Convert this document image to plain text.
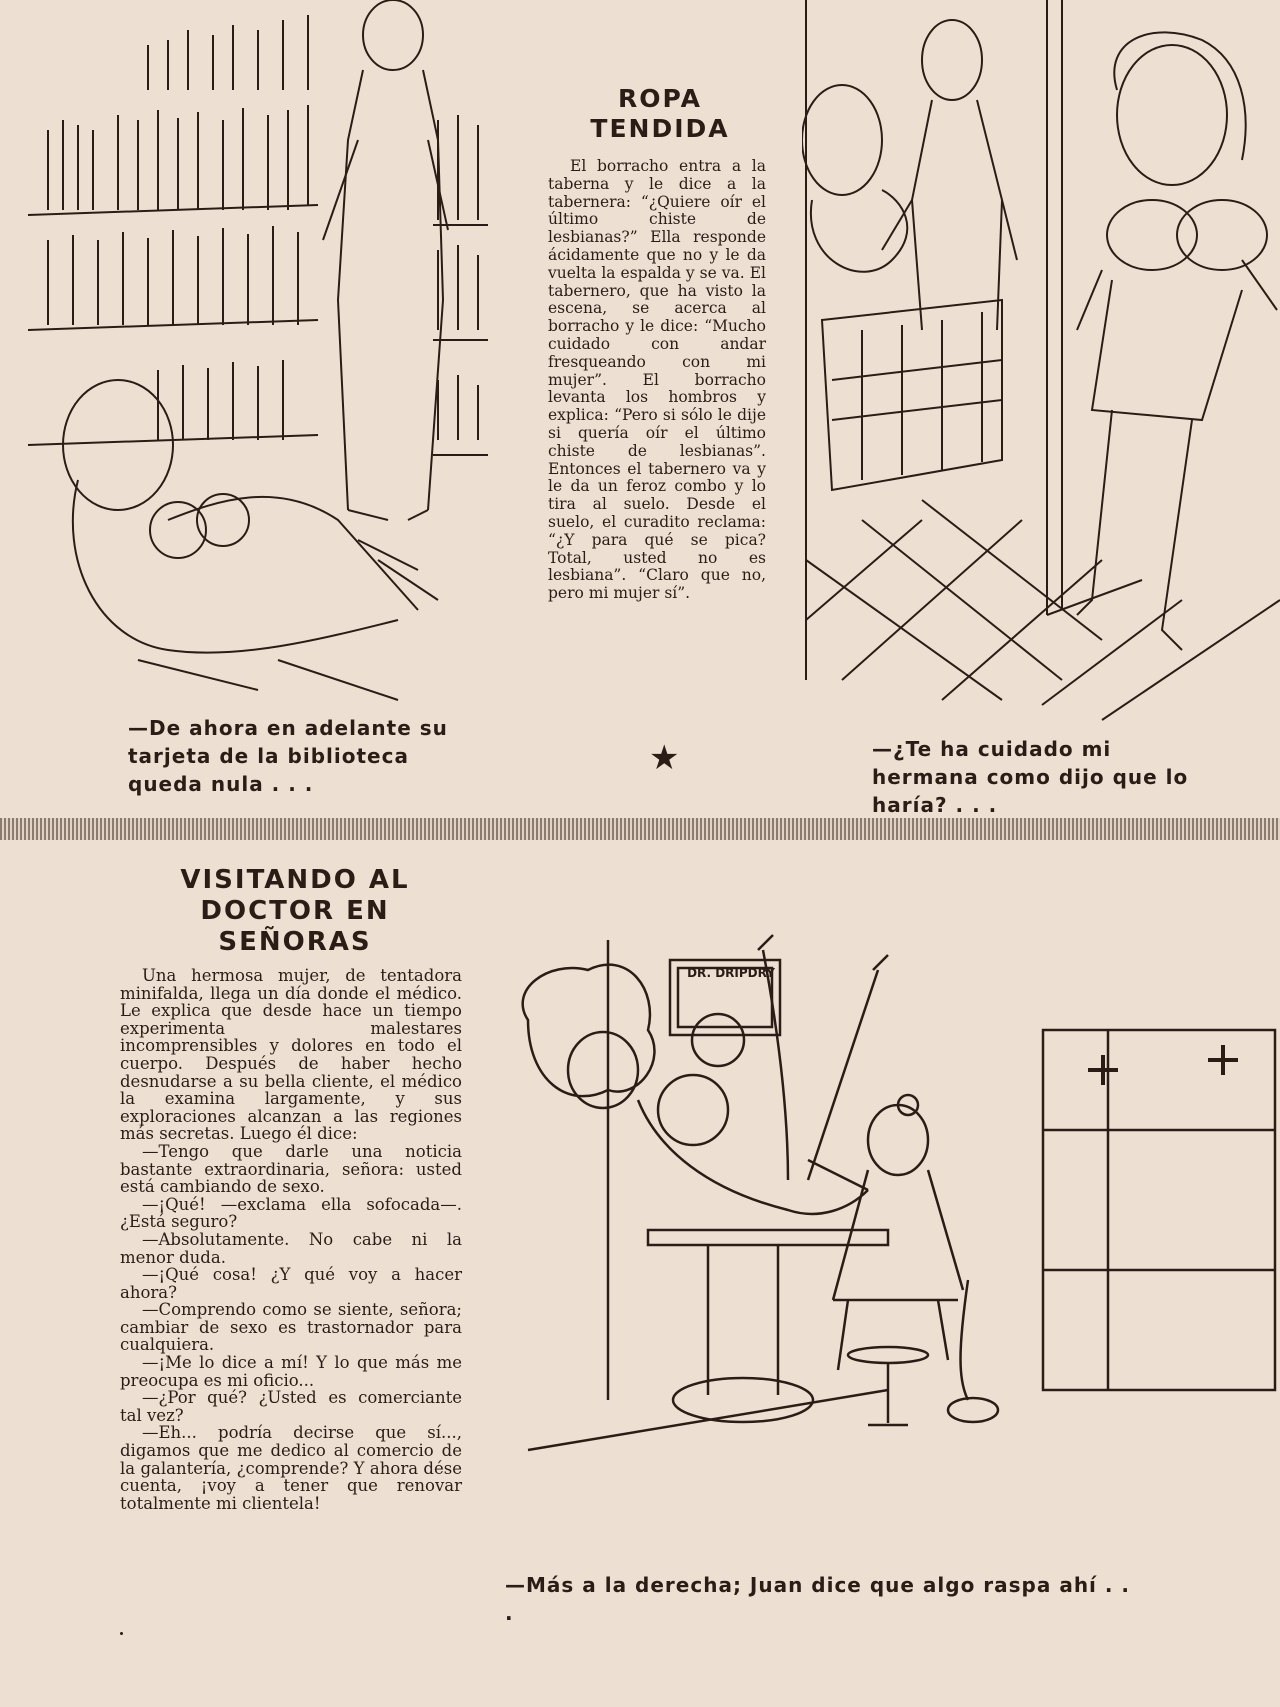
—De ahora en adelante su tarjeta de la biblioteca queda nula . . .
ROPA
TENDIDA

El borracho entra a la taberna y le dice a la tabernera: “¿Quiere oír el último chiste de lesbianas?” Ella responde ácidamente que no y le da vuelta la espalda y se va. El tabernero, que ha visto la escena, se acerca al borracho y le dice: “Mucho cuidado con andar fresqueando con mi mujer”. El borracho levanta los hombros y explica: “Pero si sólo le dije si quería oír el último chiste de lesbianas”. Entonces el tabernero va y le da un feroz combo y lo tira al suelo. Desde el suelo, el curadito reclama: “¿Y para qué se pica? Total, usted no es lesbiana”. “Claro que no, pero mi mujer sí”.

★	—¿Te ha cuidado mi hermana como dijo que lo haría? . . .
VISITANDO AL
DOCTOR EN
SEÑORAS

Una hermosa mujer, de tentadora minifalda, llega un día donde el médico. Le explica que desde hace un tiempo experimenta malestares incomprensibles y dolores en todo el cuerpo. Después de haber hecho desnudarse a su bella cliente, el médico la examina largamente, y sus exploraciones alcanzan a las regiones más secretas. Luego él dice:

—Tengo que darle una noticia bastante extraordinaria, señora: usted está cambiando de sexo.

—¡Qué! —exclama ella sofocada—. ¿Está seguro?

—Absolutamente. No cabe ni la menor duda.

—¡Qué cosa! ¿Y qué voy a hacer ahora?

—Comprendo como se siente, señora; cambiar de sexo es trastornador para cualquiera.

—¡Me lo dice a mí! Y lo que más me preocupa es mi oficio...

—¿Por qué? ¿Usted es comerciante tal vez?

—Eh... podría decirse que sí..., digamos que me dedico al comercio de la galantería, ¿comprende? Y ahora dése cuenta, ¡voy a tener que renovar totalmente mi clientela!

DR. DRIPDRY
—Más a la derecha; Juan dice que algo raspa ahí . . .
